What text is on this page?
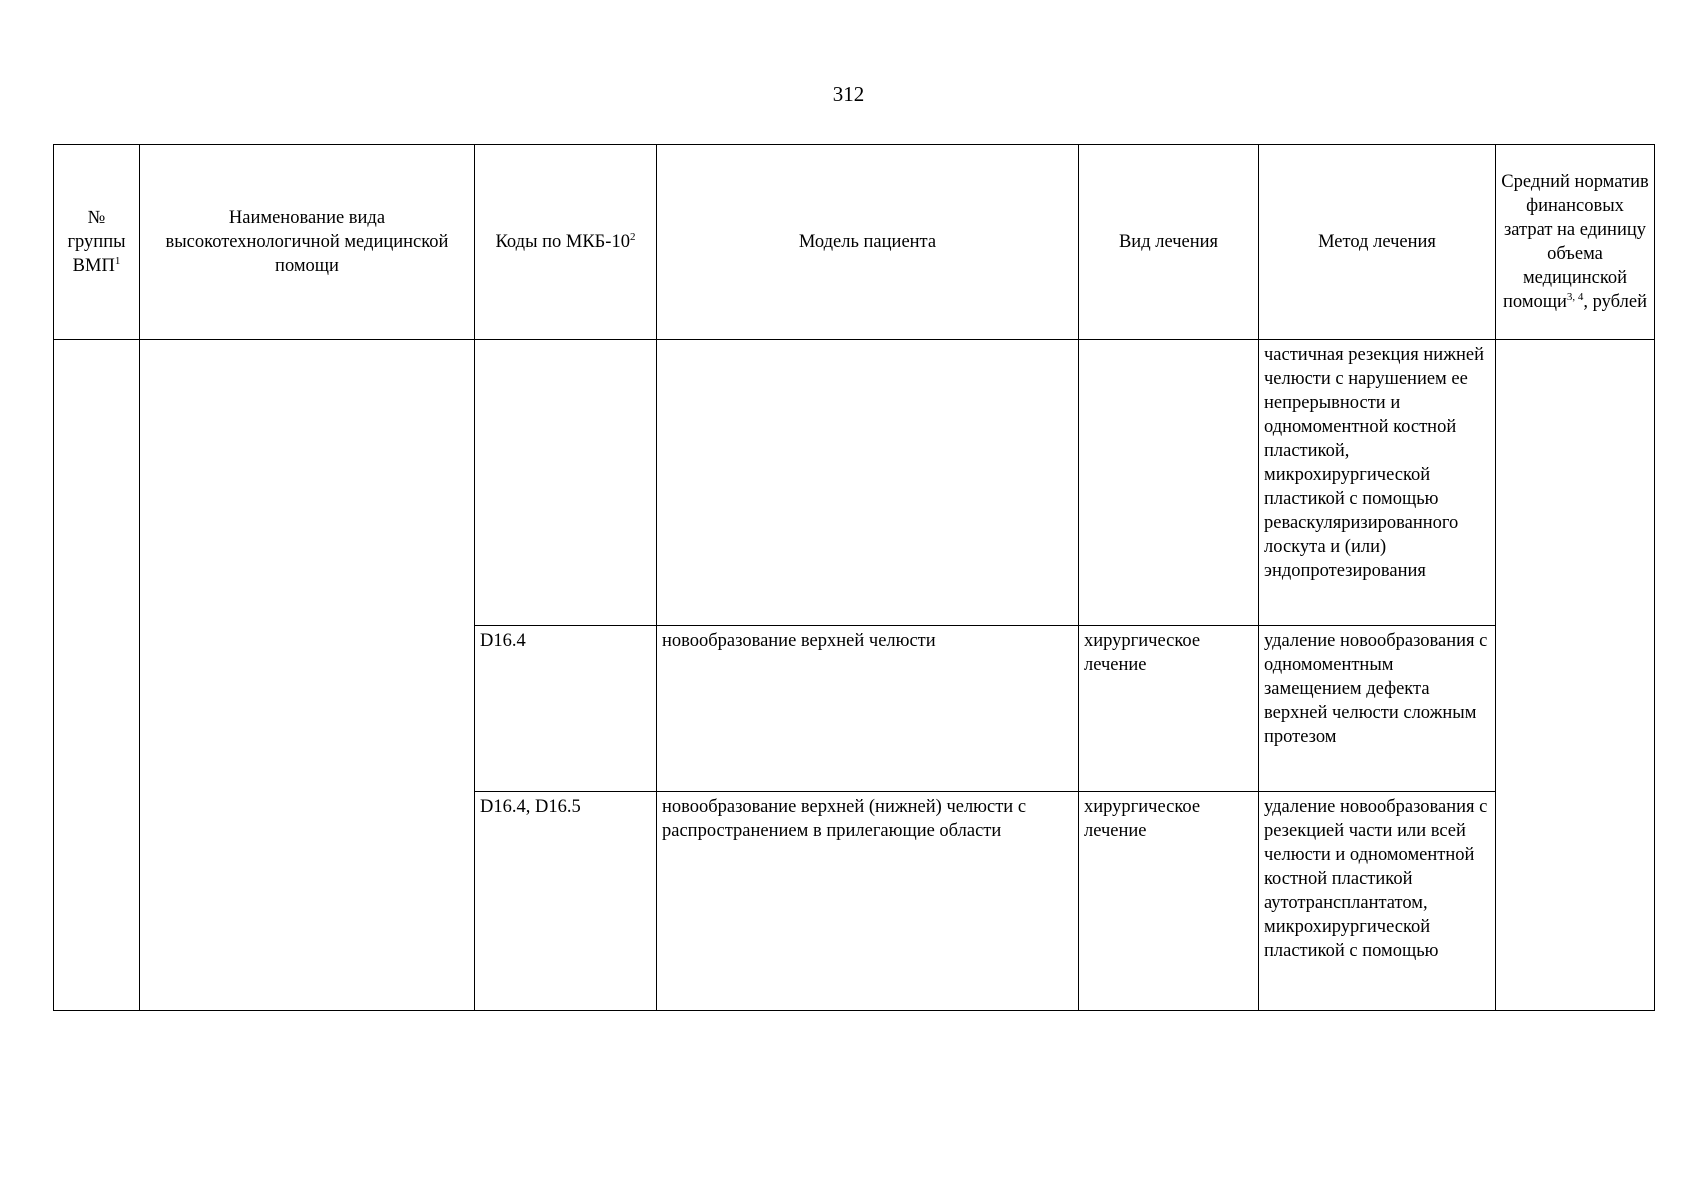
312
№ группы ВМП$^1$	Наименование вида высокотехнологичной медицинской помощи	Коды по МКБ-$10^2$	Модель пациента	Вид лечения	Метод лечения	Средний норматив финансовых затрат на единицу объема медицинской помощи$^{3, 4}$, рублей
					частичная резекция нижней челюсти с нарушением ее непрерывности и одномоментной костной пластикой, микрохирургической пластикой с помощью реваскуляризированного лоскута и (или) эндопротезирования	
		D16.4	новообразование верхней челюсти	хирургическое лечение	удаление новообразования с одномоментным замещением дефекта верхней челюсти сложным протезом	
		D16.4, D16.5	новообразование верхней (нижней) челюсти с распространением в прилегающие области	хирургическое лечение	удаление новообразования с резекцией части или всей челюсти и одномоментной костной пластикой аутотрансплантатом, микрохирургической пластикой с помощью	
